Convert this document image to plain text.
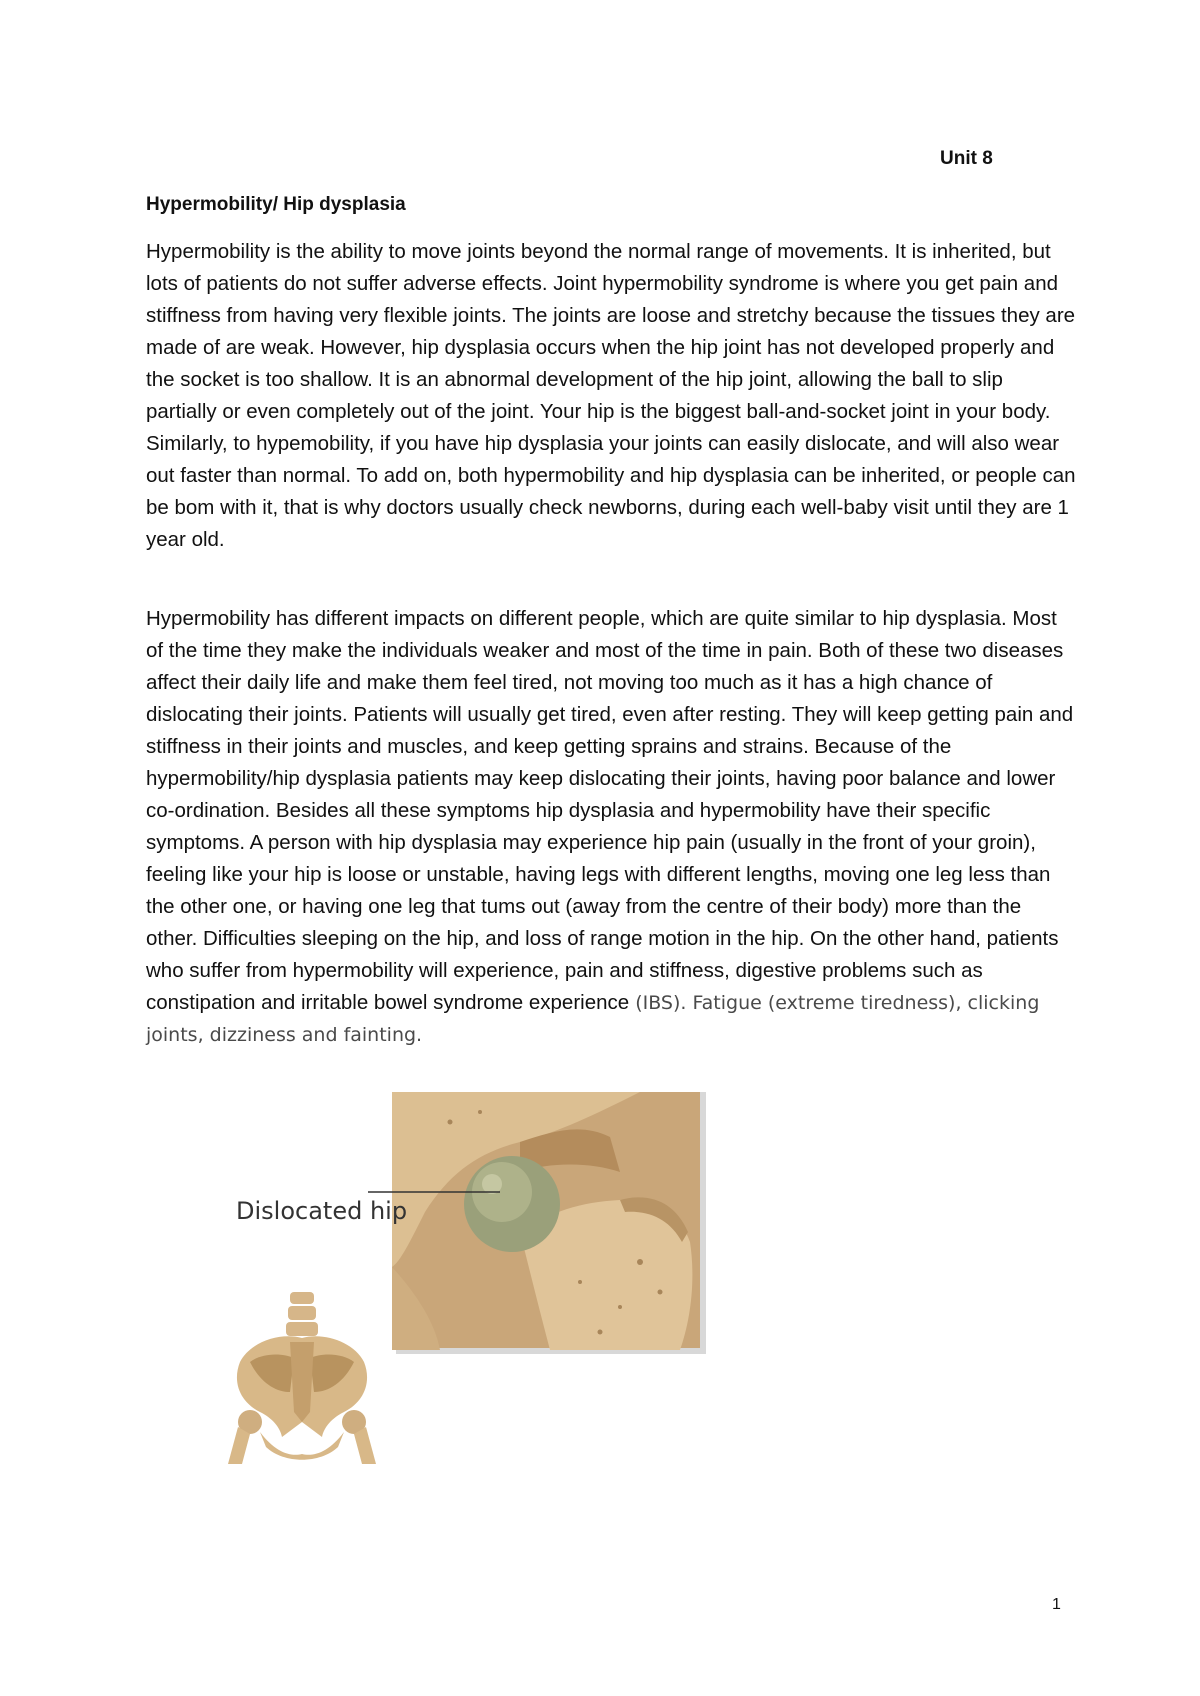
Unit 8
Hypermobility/ Hip dysplasia

Hypermobility is the ability to move joints beyond the normal range of movements. It is inherited, but lots of patients do not suffer adverse effects. Joint hypermobility syndrome is where you get pain and stiffness from having very flexible joints. The joints are loose and stretchy because the tissues they are made of are weak. However, hip dysplasia occurs when the hip joint has not developed properly and the socket is too shallow. It is an abnormal development of the hip joint, allowing the ball to slip partially or even completely out of the joint. Your hip is the biggest ball-and-socket joint in your body. Similarly, to hypemobility, if you have hip dysplasia your joints can easily dislocate, and will also wear out faster than normal. To add on, both hypermobility and hip dysplasia can be inherited, or people can be bom with it, that is why doctors usually check newborns, during each well-baby visit until they are 1 year old.

Hypermobility has different impacts on different people, which are quite similar to hip dysplasia. Most of the time they make the individuals weaker and most of the time in pain. Both of these two diseases affect their daily life and make them feel tired, not moving too much as it has a high chance of dislocating their joints. Patients will usually get tired, even after resting. They will keep getting pain and stiffness in their joints and muscles, and keep getting sprains and strains. Because of the hypermobility/hip dysplasia patients may keep dislocating their joints, having poor balance and lower co-ordination. Besides all these symptoms hip dysplasia and hypermobility have their specific symptoms. A person with hip dysplasia may experience hip pain (usually in the front of your groin), feeling like your hip is loose or unstable, having legs with different lengths, moving one leg less than the other one, or having one leg that tums out (away from the centre of their body) more than the other. Difficulties sleeping on the hip, and loss of range motion in the hip. On the other hand, patients who suffer from hypermobility will experience, pain and stiffness, digestive problems such as constipation and irritable bowel syndrome experience (IBS). Fatigue (extreme tiredness), clicking joints, dizziness and fainting.

Dislocated hip
1
